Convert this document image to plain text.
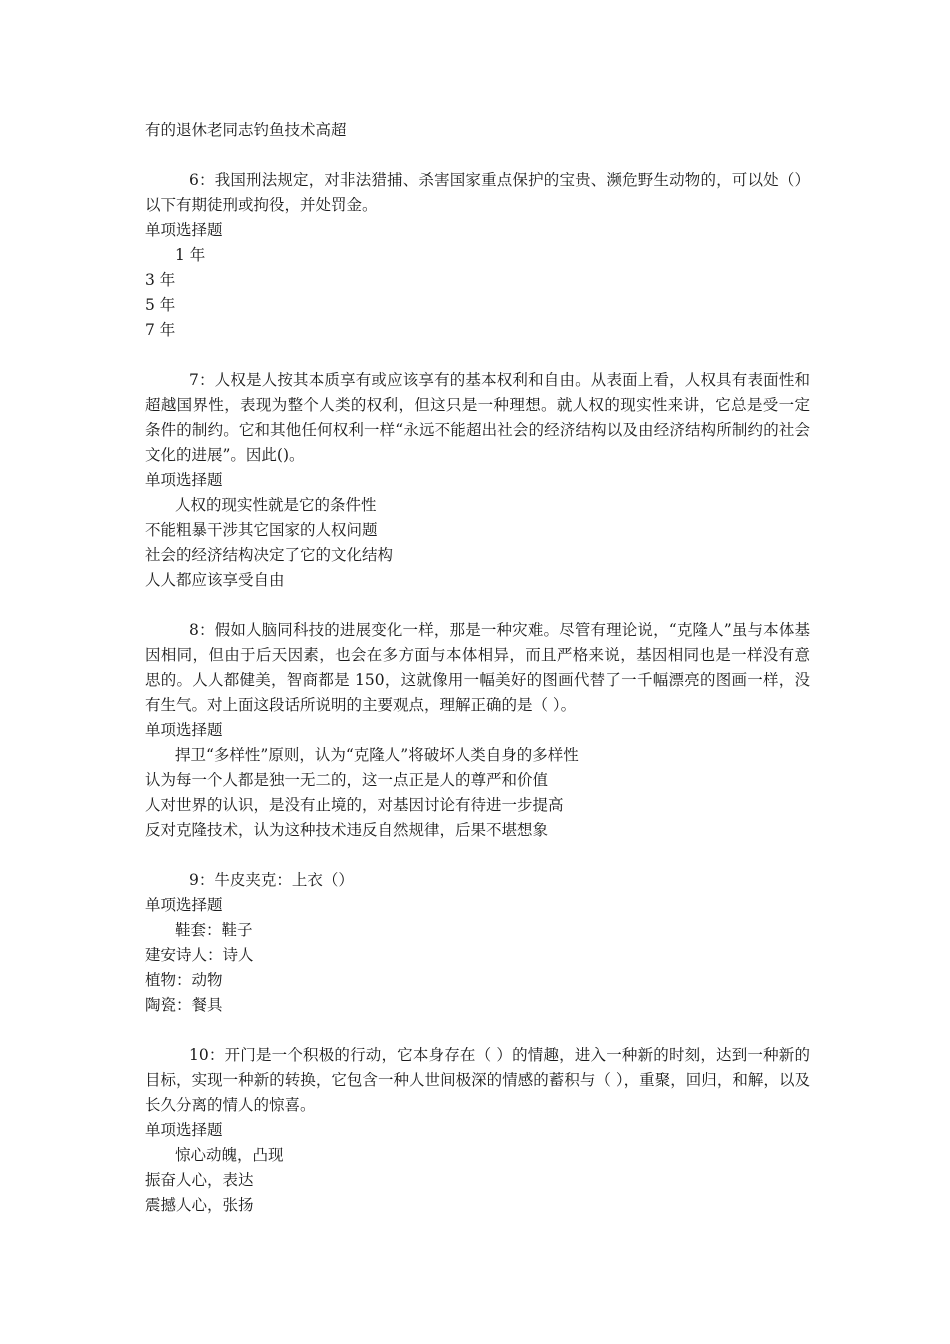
有的退休老同志钓鱼技术高超

6：我国刑法规定，对非法猎捕、杀害国家重点保护的宝贵、濒危野生动物的，可以处（）以下有期徒刑或拘役，并处罚金。

单项选择题
1 年
3 年
5 年
7 年

7：人权是人按其本质享有或应该享有的基本权利和自由。从表面上看，人权具有表面性和超越国界性，表现为整个人类的权利，但这只是一种理想。就人权的现实性来讲，它总是受一定条件的制约。它和其他任何权利一样“永远不能超出社会的经济结构以及由经济结构所制约的社会文化的进展”。因此()。

单项选择题
人权的现实性就是它的条件性
不能粗暴干涉其它国家的人权问题
社会的经济结构决定了它的文化结构
人人都应该享受自由

8：假如人脑同科技的进展变化一样，那是一种灾难。尽管有理论说，“克隆人”虽与本体基因相同，但由于后天因素，也会在多方面与本体相异，而且严格来说，基因相同也是一样没有意思的。人人都健美，智商都是 150，这就像用一幅美好的图画代替了一千幅漂亮的图画一样，没有生气。对上面这段话所说明的主要观点，理解正确的是（ ）。

单项选择题
捍卫“多样性”原则，认为“克隆人”将破坏人类自身的多样性
认为每一个人都是独一无二的，这一点正是人的尊严和价值
人对世界的认识，是没有止境的，对基因讨论有待进一步提高
反对克隆技术，认为这种技术违反自然规律，后果不堪想象

9：牛皮夹克：上衣（）

单项选择题
鞋套：鞋子
建安诗人：诗人
植物：动物
陶瓷：餐具

10：开门是一个积极的行动，它本身存在（ ）的情趣，进入一种新的时刻，达到一种新的目标，实现一种新的转换，它包含一种人世间极深的情感的蓄积与（ ），重聚，回归，和解，以及长久分离的情人的惊喜。

单项选择题
惊心动魄，凸现
振奋人心，表达
震撼人心，张扬
